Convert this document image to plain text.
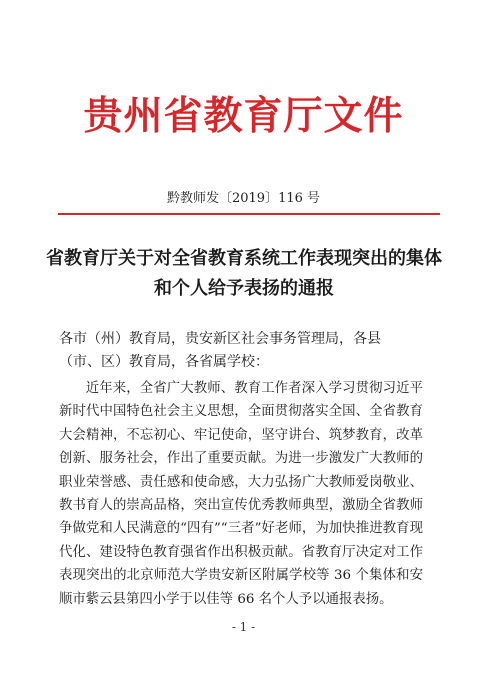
贵州省教育厅文件
黔教师发〔2019〕116 号
省教育厅关于对全省教育系统工作表现突出的集体和个人给予表扬的通报
各市（州）教育局，贵安新区社会事务管理局，各县（市、区）教育局，各省属学校：
近年来，全省广大教师、教育工作者深入学习贯彻习近平新时代中国特色社会主义思想，全面贯彻落实全国、全省教育大会精神，不忘初心、牢记使命，坚守讲台、筑梦教育，改革创新、服务社会，作出了重要贡献。为进一步激发广大教师的职业荣誉感、责任感和使命感，大力弘扬广大教师爱岗敬业、教书育人的崇高品格，突出宣传优秀教师典型，激励全省教师争做党和人民满意的“四有”“三者”好老师，为加快推进教育现代化、建设特色教育强省作出积极贡献。省教育厅决定对工作表现突出的北京师范大学贵安新区附属学校等 36 个集体和安顺市紫云县第四小学于以佳等 66 名个人予以通报表扬。
- 1 -
